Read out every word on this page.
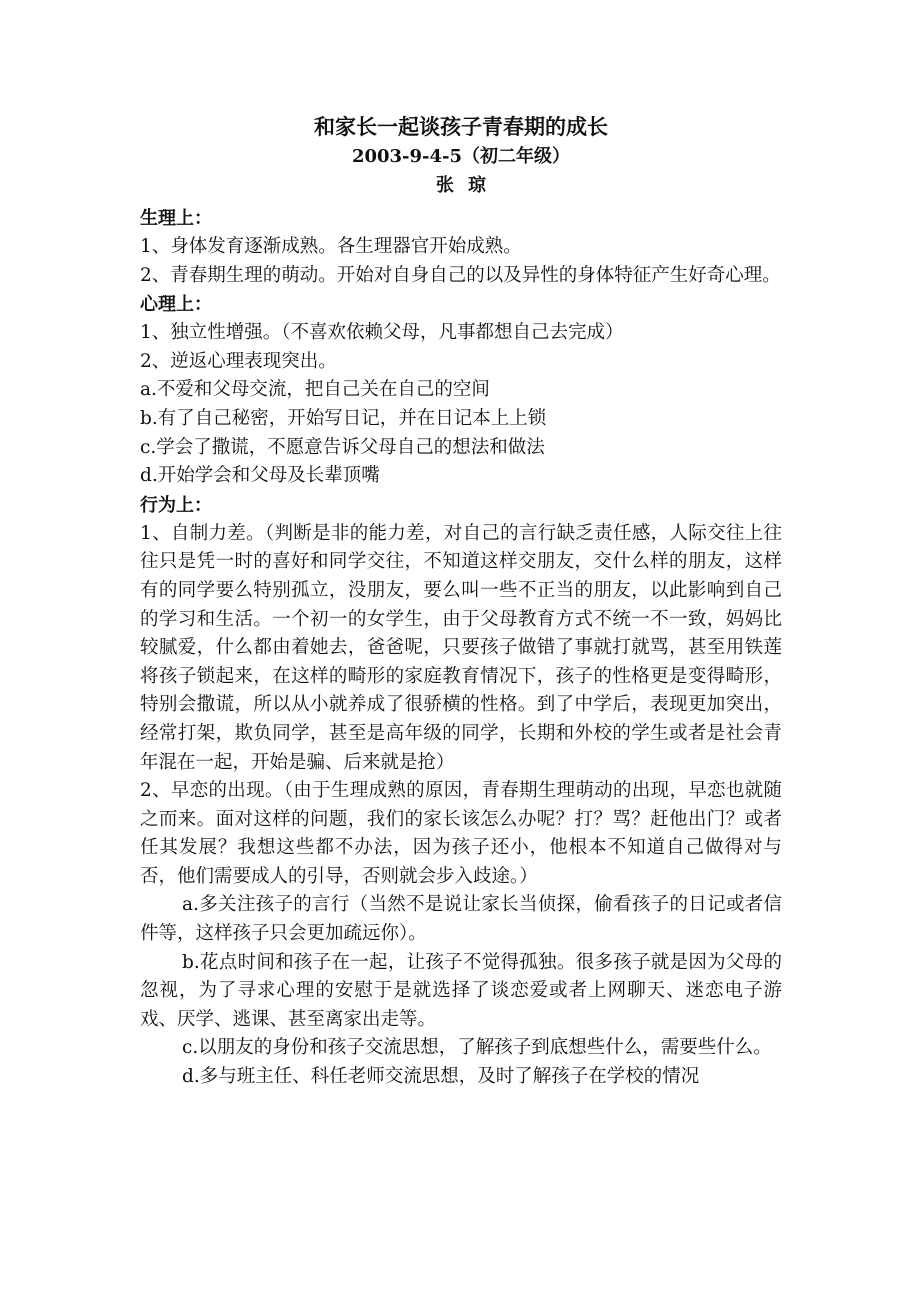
和家长一起谈孩子青春期的成长

2003-9-4-5（初二年级）

张琼

生理上：

1、身体发育逐渐成熟。各生理器官开始成熟。

2、青春期生理的萌动。开始对自身自己的以及异性的身体特征产生好奇心理。

心理上：

1、独立性增强。（不喜欢依赖父母，凡事都想自己去完成）

2、逆返心理表现突出。

a.不爱和父母交流，把自己关在自己的空间

b.有了自己秘密，开始写日记，并在日记本上上锁

c.学会了撒谎，不愿意告诉父母自己的想法和做法

d.开始学会和父母及长辈顶嘴

行为上：

1、自制力差。（判断是非的能力差，对自己的言行缺乏责任感，人际交往上往往只是凭一时的喜好和同学交往，不知道这样交朋友，交什么样的朋友，这样有的同学要么特别孤立，没朋友，要么叫一些不正当的朋友，以此影响到自己的学习和生活。一个初一的女学生，由于父母教育方式不统一不一致，妈妈比较腻爱，什么都由着她去，爸爸呢，只要孩子做错了事就打就骂，甚至用铁莲将孩子锁起来，在这样的畸形的家庭教育情况下，孩子的性格更是变得畸形，特别会撒谎，所以从小就养成了很骄横的性格。到了中学后，表现更加突出，经常打架，欺负同学，甚至是高年级的同学，长期和外校的学生或者是社会青年混在一起，开始是骗、后来就是抢）

2、早恋的出现。（由于生理成熟的原因，青春期生理萌动的出现，早恋也就随之而来。面对这样的问题，我们的家长该怎么办呢？打？骂？赶他出门？或者任其发展？我想这些都不办法，因为孩子还小，他根本不知道自己做得对与否，他们需要成人的引导，否则就会步入歧途。）

a.多关注孩子的言行（当然不是说让家长当侦探，偷看孩子的日记或者信件等，这样孩子只会更加疏远你）。

b.花点时间和孩子在一起，让孩子不觉得孤独。很多孩子就是因为父母的忽视，为了寻求心理的安慰于是就选择了谈恋爱或者上网聊天、迷恋电子游戏、厌学、逃课、甚至离家出走等。

c.以朋友的身份和孩子交流思想，了解孩子到底想些什么，需要些什么。

d.多与班主任、科任老师交流思想，及时了解孩子在学校的情况
